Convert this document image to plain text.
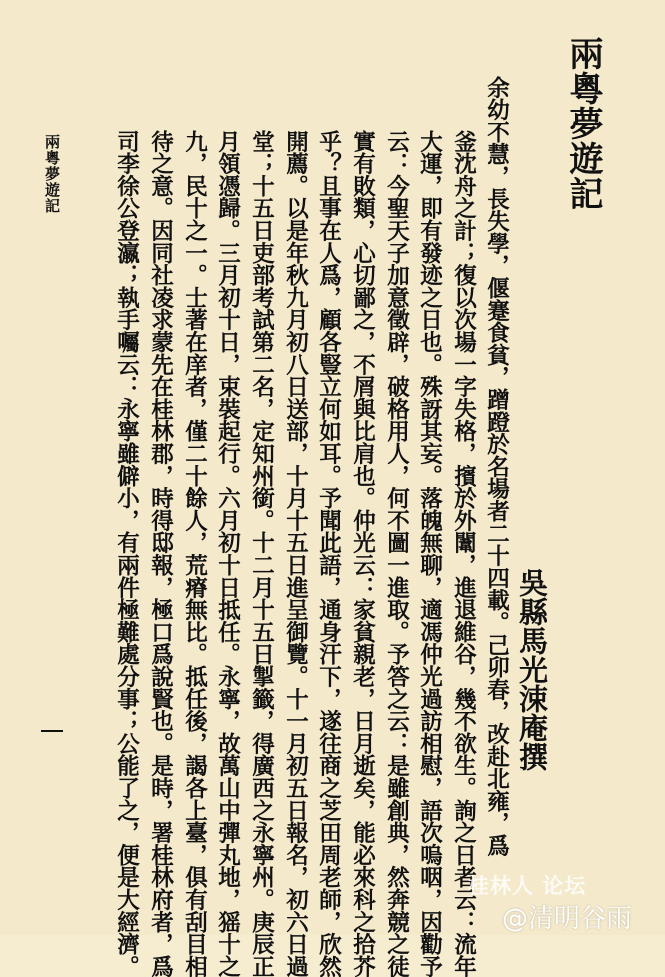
兩粵夢遊記
吳縣馬光涑庵撰
余幼不慧，長失學，偃蹇食貧，蹭蹬於名場者二十四載。己卯春，改赴北雍，爲
釜沈舟之計；復以次場一字失格，擯於外闈，進退維谷，幾不欲生。詢之日者云：流年
大運，即有發迹之日也。殊訝其妄。落魄無聊，適馮仲光過訪相慰，語次嗚咽，因勸予
云：今聖天子加意徵辟，破格用人，何不圖一進取。予答之云：是雖創典，然奔競之徒
實有敗類，心切鄙之，不屑與比肩也。仲光云：家貧親老，日月逝矣，能必來科之拾芥
乎？且事在人爲，顧各豎立何如耳。予聞此語，通身汗下，遂往商之芝田周老師，欣然
開薦。以是年秋九月初八日送部，十月十五日進呈御覽。十一月初五日報名，初六日過
堂；十五日吏部考試第二名，定知州銜。十二月十五日掣籤，得廣西之永寧州。庚辰正
月領憑歸。三月初十日，束裝起行。六月初十日抵任。永寧，故萬山中彈丸地，猺十之
九，民十之一。士著在庠者，僅二十餘人，荒瘠無比。抵任後，謁各上臺，俱有刮目相
待之意。因同社凌求蒙先在桂林郡，時得邸報，極口爲說賢也。是時，署桂林府者，爲
司李徐公登瀛；執手囑云：永寧雖僻小，有兩件極難處分事；公能了之，便是大經濟。
兩粵夢遊記
桂林人 论坛
@清明谷雨
